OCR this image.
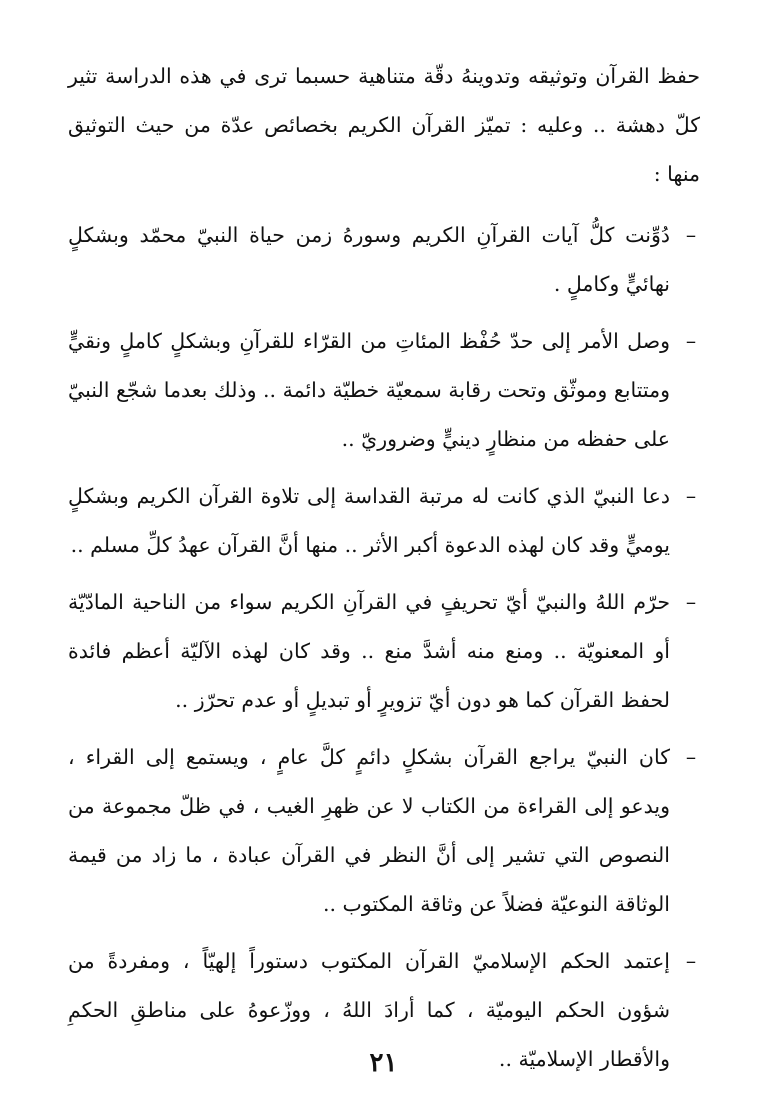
حفظ القرآن وتوثيقه وتدوينهُ دقّة متناهية حسبما ترى في هذه الدراسة تثير كلّ دهشة .. وعليه : تميّز القرآن الكريم بخصائص عدّة من حيث التوثيق منها :

–
دُوِّنت كلُّ آيات القرآنِ الكريم وسورهُ زمن حياة النبيّ محمّد وبشكلٍ نهائيٍّ وكاملٍ .
–
وصل الأمر إلى حدّ حُفْظ المئاتِ من القرّاء للقرآنِ وبشكلٍ كاملٍ ونقيٍّ ومتتابع وموثّق وتحت رقابة سمعيّة خطيّة دائمة .. وذلك بعدما شجّع النبيّ على حفظه من منظارٍ دينيٍّ وضروريّ ..
–
دعا النبيّ الذي كانت له مرتبة القداسة إلى تلاوة القرآن الكريم وبشكلٍ يوميٍّ وقد كان لهذه الدعوة أكبر الأثر .. منها أنَّ القرآن عهدُ كلِّ مسلم ..
–
حرّم اللهُ والنبيّ أيّ تحريفٍ في القرآنِ الكريم سواء من الناحية المادّيّة أو المعنويّة .. ومنع منه أشدَّ منع .. وقد كان لهذه الآليّة أعظم فائدة لحفظ القرآن كما هو دون أيّ تزويرٍ أو تبديلٍ أو عدم تحرّز ..
–
كان النبيّ يراجع القرآن بشكلٍ دائمٍ كلَّ عامٍ ، ويستمع إلى القراء ، ويدعو إلى القراءة من الكتاب لا عن ظهرِ الغيب ، في ظلّ مجموعة من النصوص التي تشير إلى أنَّ النظر في القرآن عبادة ، ما زاد من قيمة الوثاقة النوعيّة فضلاً عن وثاقة المكتوب ..
–
إعتمد الحكم الإسلاميّ القرآن المكتوب دستوراً إلهيّاً ، ومفردةً من شؤون الحكم اليوميّة ، كما أرادَ اللهُ ، ووزّعوهُ على مناطقِ الحكمِ والأقطار الإسلاميّة ..
٢١
